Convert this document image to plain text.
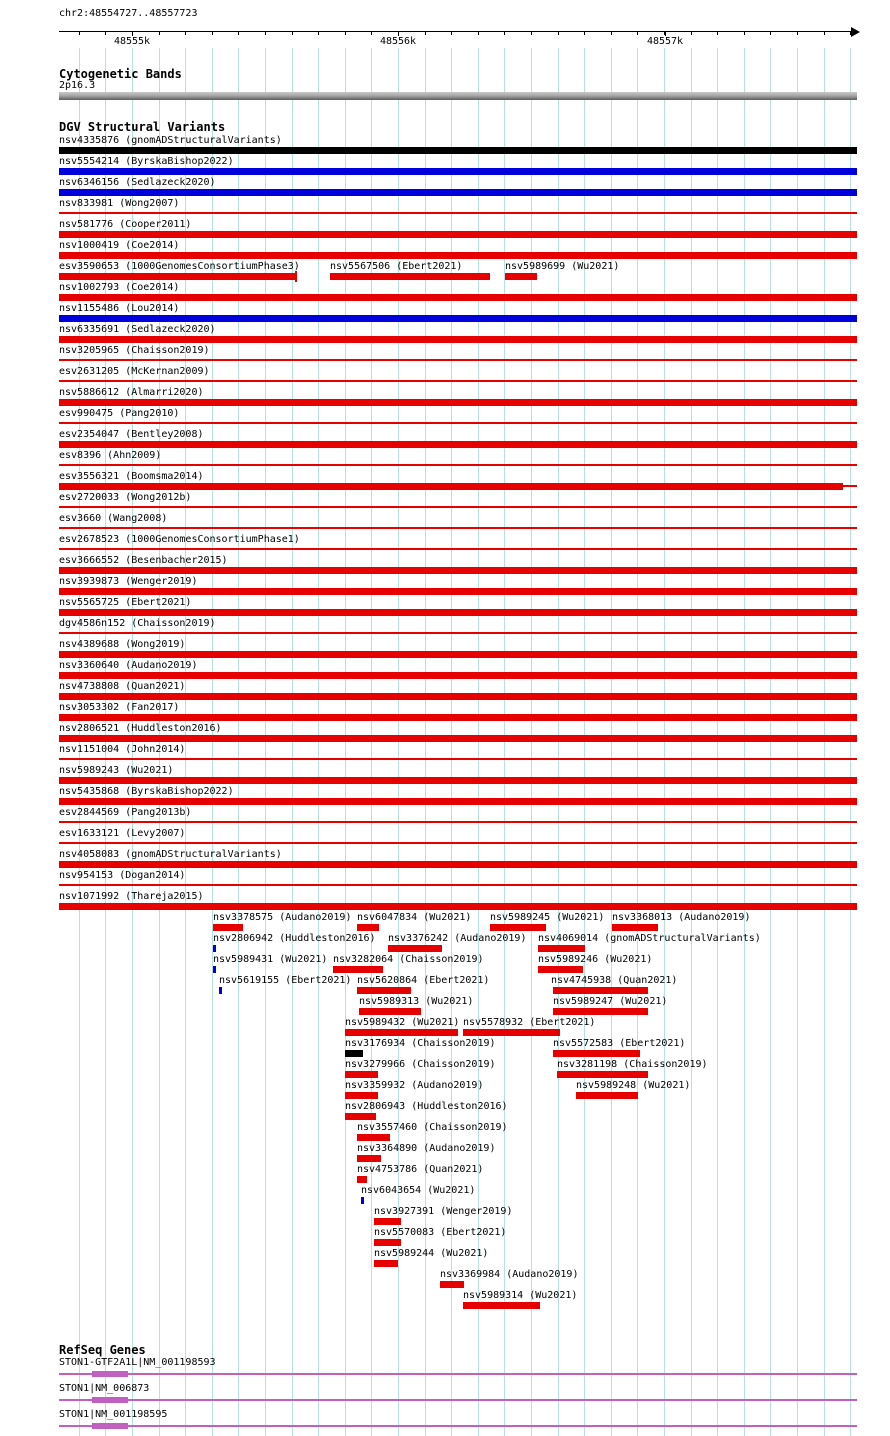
chr2:48554727..48557723
Cytogenetic Bands
2p16.3
DGV Structural Variants
RefSeq Genes
48555k	48556k	48557k
nsv4335876 (gnomADStructuralVariants)
nsv5554214 (ByrskaBishop2022)
nsv6346156 (Sedlazeck2020)
nsv833981 (Wong2007)
nsv581776 (Cooper2011)
nsv1000419 (Coe2014)
esv3590653 (1000GenomesConsortiumPhase3)	nsv5567506 (Ebert2021)	nsv5989699 (Wu2021)
nsv1002793 (Coe2014)
nsv1155486 (Lou2014)
nsv6335691 (Sedlazeck2020)
nsv3205965 (Chaisson2019)
esv2631205 (McKernan2009)
nsv5886612 (Almarri2020)
esv990475 (Pang2010)
esv2354047 (Bentley2008)
esv8396 (Ahn2009)
esv3556321 (Boomsma2014)
esv2720033 (Wong2012b)
esv3660 (Wang2008)
esv2678523 (1000GenomesConsortiumPhase1)
esv3666552 (Besenbacher2015)
nsv3939873 (Wenger2019)
nsv5565725 (Ebert2021)
dgv4586n152 (Chaisson2019)
nsv4389688 (Wong2019)
nsv3360640 (Audano2019)
nsv4738808 (Quan2021)
nsv3053302 (Fan2017)
nsv2806521 (Huddleston2016)
nsv1151004 (John2014)
nsv5989243 (Wu2021)
nsv5435868 (ByrskaBishop2022)
esv2844569 (Pang2013b)
esv1633121 (Levy2007)
nsv4058083 (gnomADStructuralVariants)
nsv954153 (Dogan2014)
nsv1071992 (Thareja2015)
nsv3378575 (Audano2019) nsv6047834 (Wu2021) nsv5989245 (Wu2021) nsv3368013 (Audano2019)
nsv2806942 (Huddleston2016) nsv3376242 (Audano2019) nsv4069014 (gnomADStructuralVariants)
nsv5989431 (Wu2021) nsv3282064 (Chaisson2019)	nsv5989246 (Wu2021)
nsv5619155 (Ebert2021) nsv5620864 (Ebert2021)	nsv4745938 (Quan2021)
nsv5989313 (Wu2021)	nsv5989247 (Wu2021)
nsv5989432 (Wu2021) nsv5578932 (Ebert2021)
nsv3176934 (Chaisson2019)	nsv5572583 (Ebert2021)
nsv3279966 (Chaisson2019)	nsv3281198 (Chaisson2019)
nsv3359932 (Audano2019)	nsv5989248 (Wu2021)
nsv2806943 (Huddleston2016)
nsv3557460 (Chaisson2019)
nsv3364890 (Audano2019)
nsv4753786 (Quan2021)
nsv6043654 (Wu2021)
nsv3927391 (Wenger2019)
nsv5570083 (Ebert2021)
nsv5989244 (Wu2021)
nsv3369984 (Audano2019)
nsv5989314 (Wu2021)
STON1-GTF2A1L|NM_001198593
STON1|NM_006873
STON1|NM_001198595
